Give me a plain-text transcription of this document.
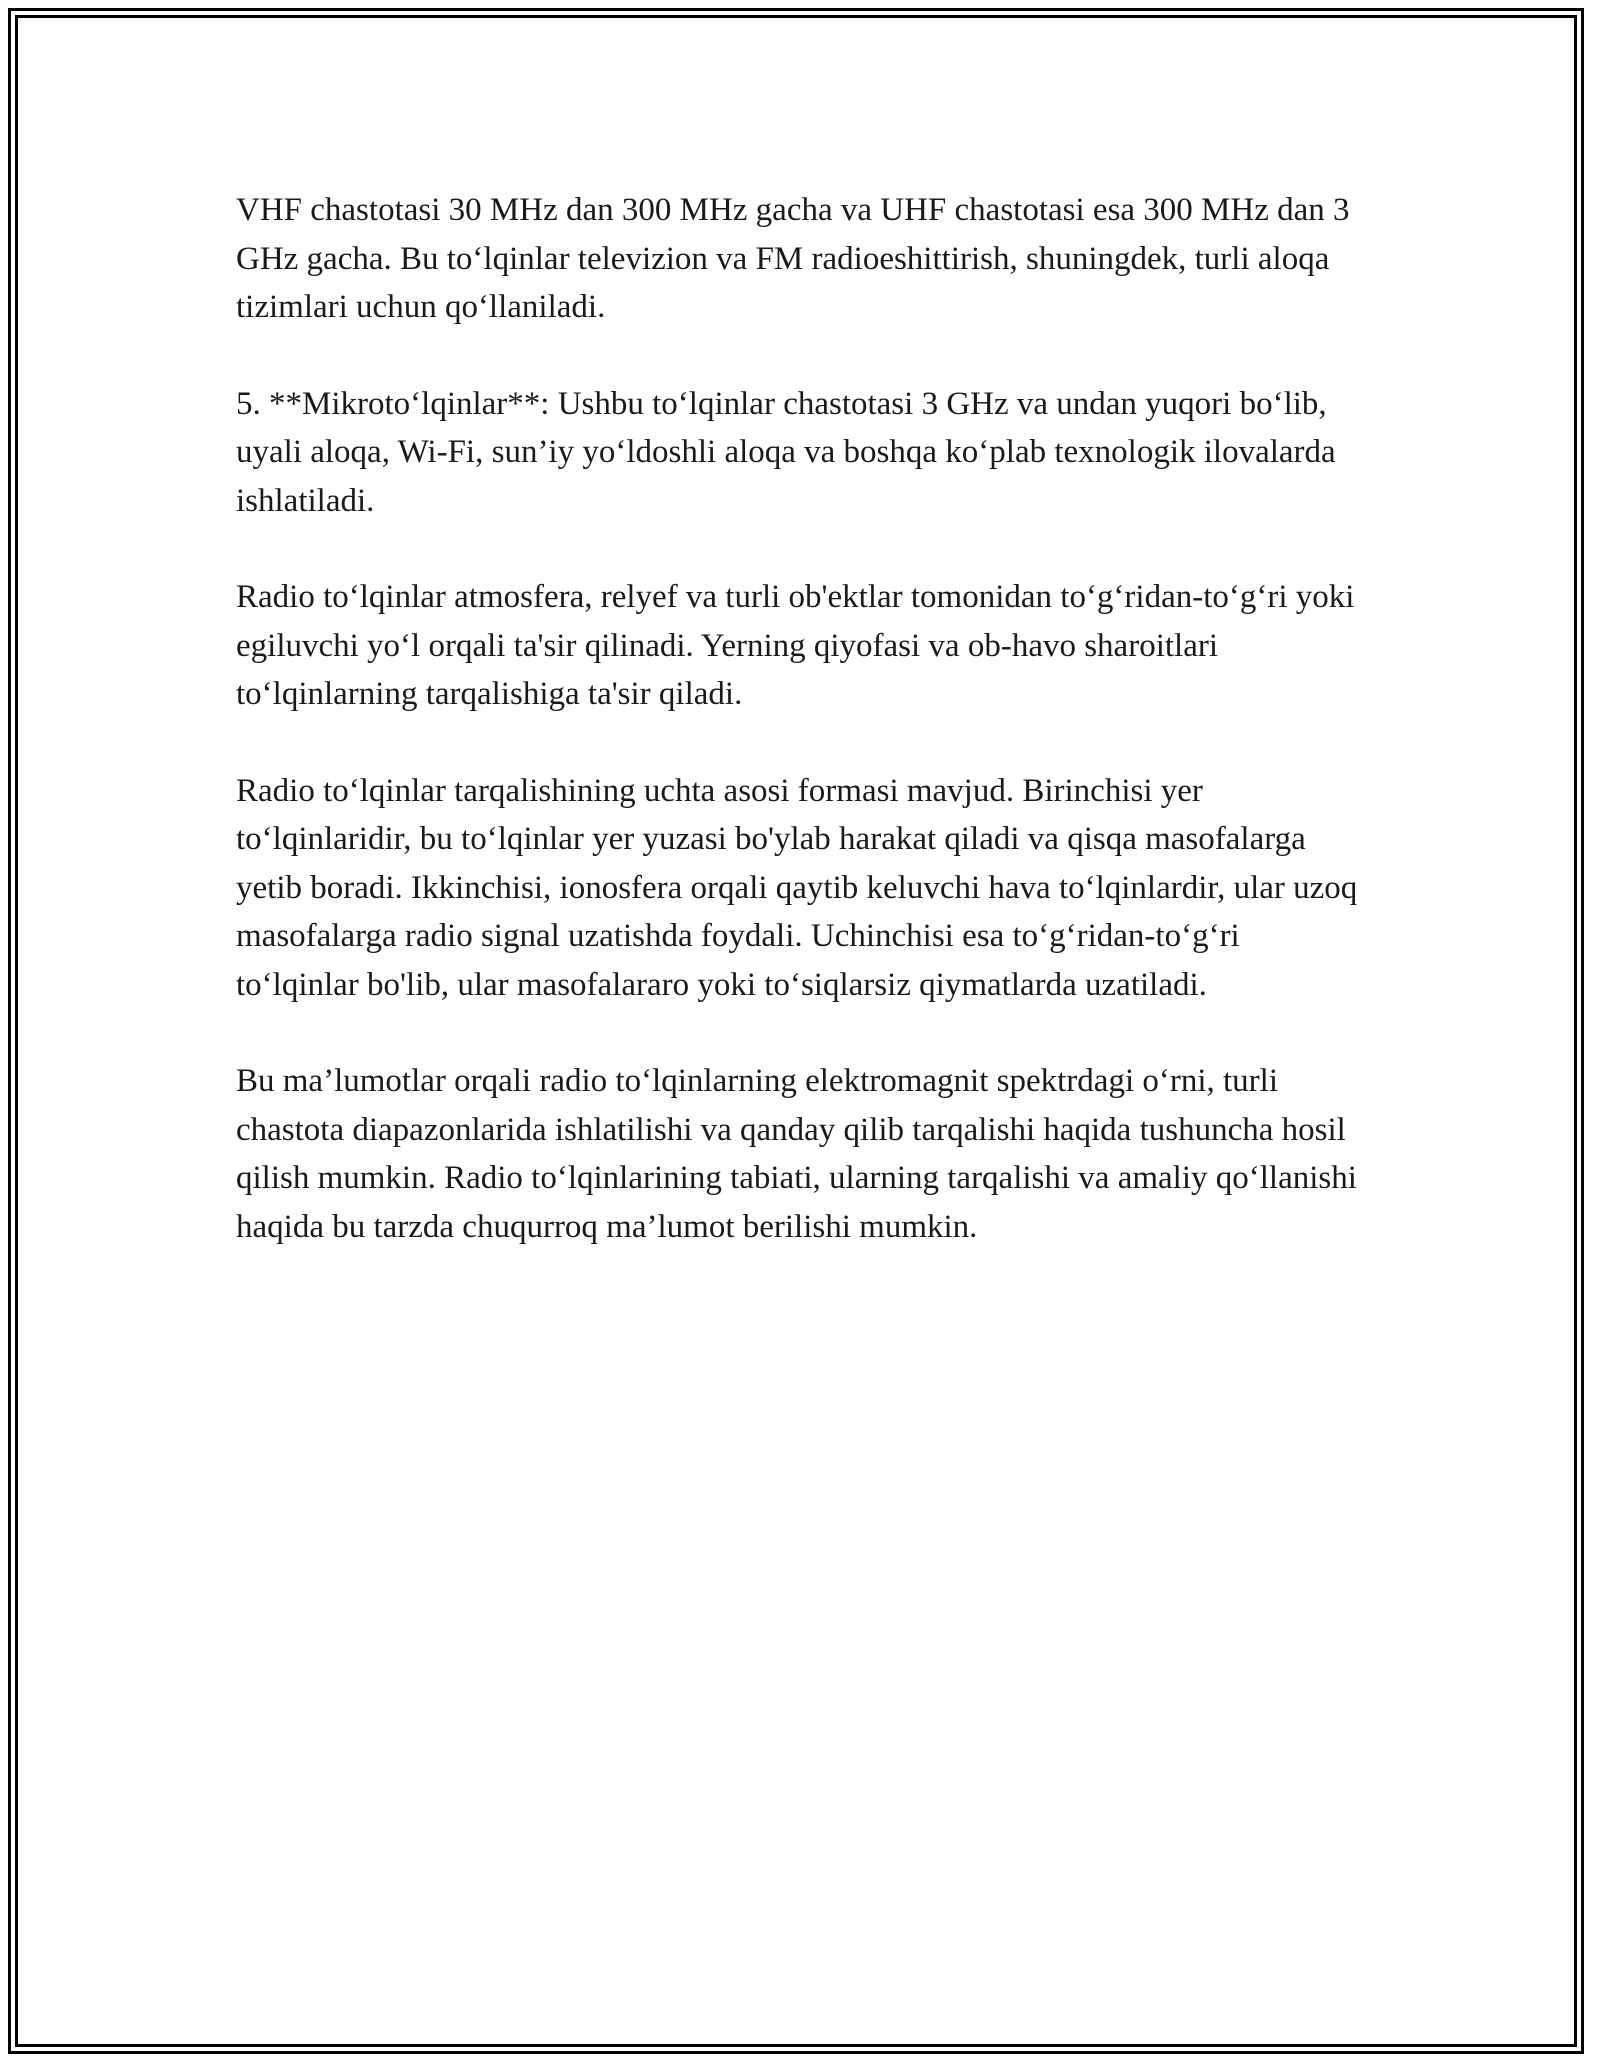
VHF chastotasi 30 MHz dan 300 MHz gacha va UHF chastotasi esa 300 MHz dan 3 GHz gacha. Bu to‘lqinlar televizion va FM radioeshittirish, shuningdek, turli aloqa tizimlari uchun qo‘llaniladi.

5. **Mikroto‘lqinlar**: Ushbu to‘lqinlar chastotasi 3 GHz va undan yuqori bo‘lib, uyali aloqa, Wi-Fi, sun’iy yo‘ldoshli aloqa va boshqa ko‘plab texnologik ilovalarda ishlatiladi.

Radio to‘lqinlar atmosfera, relyef va turli ob'ektlar tomonidan to‘g‘ridan-to‘g‘ri yoki egiluvchi yo‘l orqali ta'sir qilinadi. Yerning qiyofasi va ob-havo sharoitlari to‘lqinlarning tarqalishiga ta'sir qiladi.

Radio to‘lqinlar tarqalishining uchta asosi formasi mavjud. Birinchisi yer to‘lqinlaridir, bu to‘lqinlar yer yuzasi bo'ylab harakat qiladi va qisqa masofalarga yetib boradi. Ikkinchisi, ionosfera orqali qaytib keluvchi hava to‘lqinlardir, ular uzoq masofalarga radio signal uzatishda foydali. Uchinchisi esa to‘g‘ridan-to‘g‘ri to‘lqinlar bo'lib, ular masofalararo yoki to‘siqlarsiz qiymatlarda uzatiladi.

Bu ma’lumotlar orqali radio to‘lqinlarning elektromagnit spektrdagi o‘rni, turli chastota diapazonlarida ishlatilishi va qanday qilib tarqalishi haqida tushuncha hosil qilish mumkin. Radio to‘lqinlarining tabiati, ularning tarqalishi va amaliy qo‘llanishi haqida bu tarzda chuqurroq ma’lumot berilishi mumkin.
